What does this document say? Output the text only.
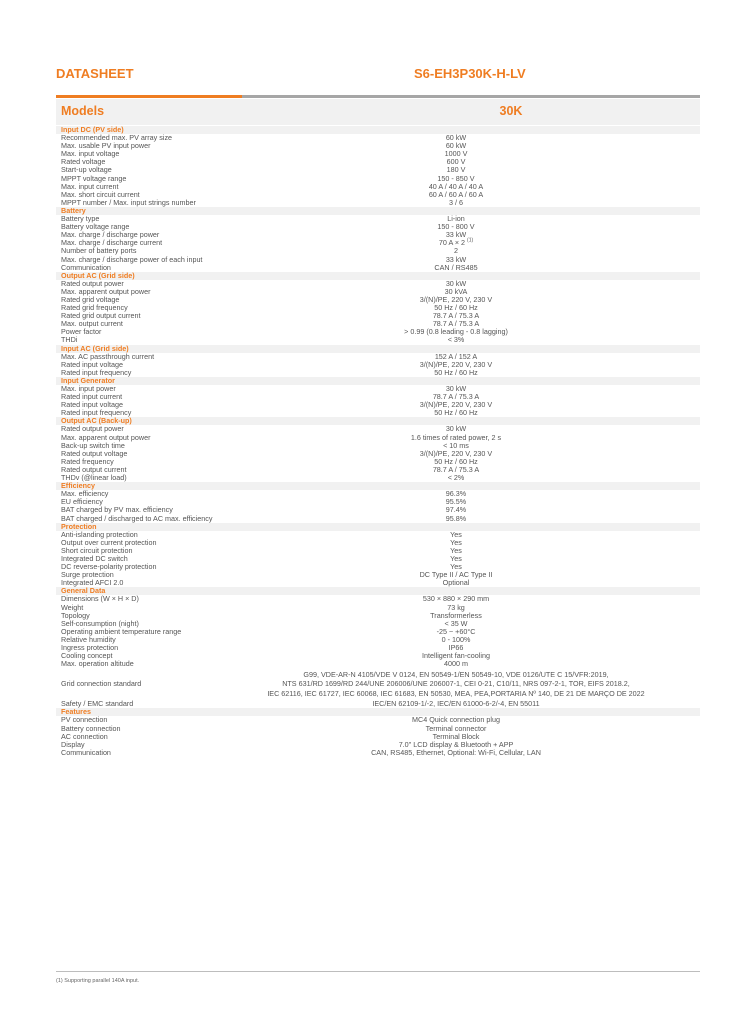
DATASHEET	S6-EH3P30K-H-LV
Models	30K
Input DC (PV side)
Recommended max. PV array size	60 kW
Max. usable PV input power	60 kW
Max. input voltage	1000 V
Rated voltage	600 V
Start-up voltage	180 V
MPPT voltage range	150 - 850 V
Max. input current	40 A / 40 A / 40 A
Max. short circuit current	60 A / 60 A / 60 A
MPPT number / Max. input strings number	3 / 6
Battery
Battery type	Li-ion
Battery voltage range	150 - 800 V
Max. charge / discharge power	33 kW
Max. charge / discharge current	70 A × 2 $^{(1)}$
Number of battery ports	2
Max. charge / discharge power of each input	33 kW
Communication	CAN / RS485
Output AC (Grid side)
Rated output power	30 kW
Max. apparent output power	30 kVA
Rated grid voltage	3/(N)/PE, 220 V, 230 V
Rated grid frequency	50 Hz / 60 Hz
Rated grid output current	78.7 A / 75.3 A
Max. output current	78.7 A / 75.3 A
Power factor	> 0.99 (0.8 leading - 0.8 lagging)
THDi	< 3%
Input AC (Grid side)
Max. AC passthrough current	152 A / 152 A
Rated input voltage	3/(N)/PE, 220 V, 230 V
Rated input frequency	50 Hz / 60 Hz
Input Generator
Max. input power	30 kW
Rated input current	78.7 A / 75.3 A
Rated input voltage	3/(N)/PE, 220 V, 230 V
Rated input frequency	50 Hz / 60 Hz
Output AC (Back-up)
Rated output power	30 kW
Max. apparent output power	1.6 times of rated power, 2 s
Back-up switch time	< 10 ms
Rated output voltage	3/(N)/PE, 220 V, 230 V
Rated frequency	50 Hz / 60 Hz
Rated output current	78.7 A / 75.3 A
THDv (@linear load)	< 2%
Efficiency
Max. efficiency	96.3%
EU efficiency	95.5%
BAT charged by PV max. efficiency	97.4%
BAT charged / discharged to AC max. efficiency	95.8%
Protection
Anti-islanding protection	Yes
Output over current protection	Yes
Short circuit protection	Yes
Integrated DC switch	Yes
DC reverse-polarity protection	Yes
Surge protection	DC Type II / AC Type II
Integrated AFCI 2.0	Optional
General Data
Dimensions (W × H × D)	530 × 880 × 290 mm
Weight	73 kg
Topology	Transformerless
Self-consumption (night)	< 35 W
Operating ambient temperature range	-25 ~ +60°C
Relative humidity	0 - 100%
Ingress protection	IP66
Cooling concept	Intelligent fan-cooling
Max. operation altitude	4000 m
Grid connection standard
G99, VDE-AR-N 4105/VDE V 0124, EN 50549-1/EN 50549-10, VDE 0126/UTE C 15/VFR:2019,
NTS 631/RD 1699/RD 244/UNE 206006/UNE 206007-1, CEI 0-21, C10/11, NRS 097-2-1, TOR, EIFS 2018.2,
IEC 62116, IEC 61727, IEC 60068, IEC 61683, EN 50530, MEA, PEA,PORTARIA Nº 140, DE 21 DE MARÇO DE 2022
Safety / EMC standard	IEC/EN 62109-1/-2, IEC/EN 61000-6-2/-4, EN 55011
Features
PV connection	MC4 Quick connection plug
Battery connection	Terminal connector
AC connection	Terminal Block
Display	7.0" LCD display & Bluetooth + APP
Communication	CAN, RS485, Ethernet, Optional: Wi-Fi, Cellular, LAN
(1) Supporting parallel 140A input.
